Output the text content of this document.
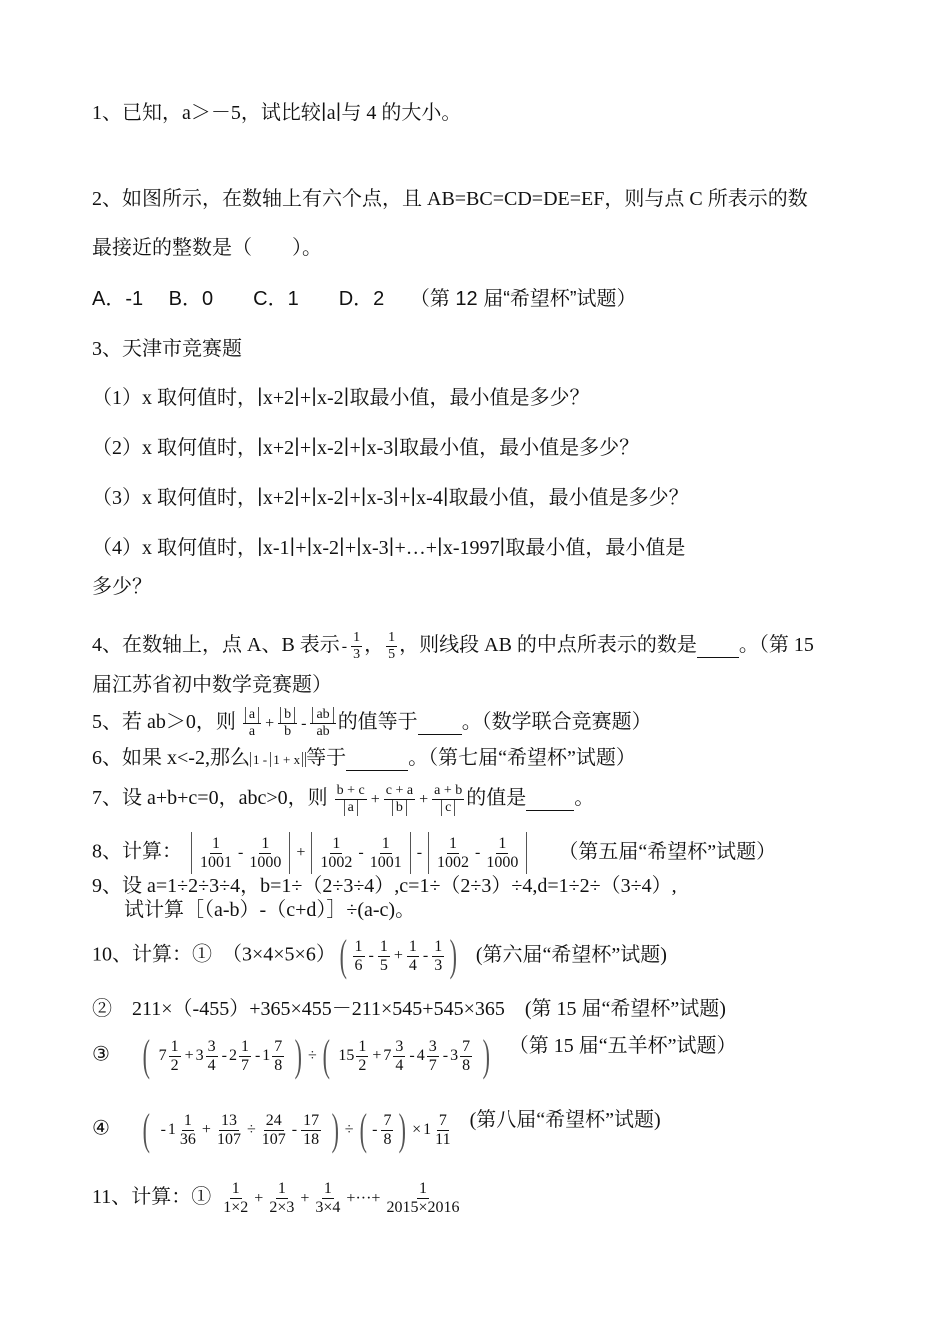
1、已知，a＞－5，试比较∣a∣与 4 的大小。
2、如图所示，在数轴上有六个点，且 AB=BC=CD=DE=EF，则与点 C 所表示的数
最接近的整数是（　　）。
A．-1　 B．0　　C．1　　D．2　 （第 12 届“希望杯”试题）
3、天津市竞赛题
（1）x 取何值时，∣x+2∣+∣x-2∣取最小值，最小值是多少？
（2）x 取何值时，∣x+2∣+∣x-2∣+∣x-3∣取最小值，最小值是多少？
（3）x 取何值时，∣x+2∣+∣x-2∣+∣x-3∣+∣x-4∣取最小值，最小值是多少？
（4）x 取何值时，∣x-1∣+∣x-2∣+∣x-3∣+…+∣x-1997∣取最小值，最小值是
多少？
4、在数轴上，点 A、B 表示 - $\frac{1}{3}$ ， $\frac{1}{5}$ ，则线段 AB 的中点所表示的数是 。（第 15
届江苏省初中数学竞赛题）
5、若 ab＞0，则 $\frac{a}{a} + \frac{b}{b} - \frac{ab}{ab}$ 的值等于 。（数学联合竞赛题）
6、如果 x<-2,那么 1 - 1 + x 等于	。（第七届“希望杯”试题）
7、设 a+b+c=0，abc>0，则 $\frac{b + c}{a} + \frac{c + a}{b} + \frac{a + b}{c}$ 的值是 。
8、计算： $\frac{1}{1001} - \frac{1}{1000} + \frac{1}{1002} - \frac{1}{1001} - \frac{1}{1002} - \frac{1}{1000}$ （第五届“希望杯”试题）
9、设 a=1÷2÷3÷4，b=1÷（2÷3÷4）,c=1÷（2÷3）÷4,d=1÷2÷（3÷4）,
试计算［（a-b）-（c+d）］÷(a-c)。
10、计算：①　$(3\times 4\times 5\times 6)( \frac{1}{6} - \frac{1}{5} + \frac{1}{4} - \frac{1}{3}$ ) (第六届“希望杯”试题)
②　211×（-455）+365×455－211×545+545×365　(第 15 届“希望杯”试题)
③ ( $7 \frac{1}{2} + 3 \frac{3}{4} - 2 \frac{1}{7} - 1 \frac{7}{8}$ ) ÷ ( $15 \frac{1}{2} + 7 \frac{3}{4} - 4 \frac{3}{7} - 3 \frac{7}{8}$ ) （第 15 届“五羊杯”试题）
④ ( - $1 \frac{1}{36} + \frac{13}{107} \div \frac{24}{107} - \frac{17}{18}$ ) ÷ ( - $\frac{7}{8}$ ) × $1 \frac{7}{11}$ (第八届“希望杯”试题)
11、计算：① $\frac{1}{1\times 2} + \frac{1}{2\times 3} + \frac{1}{3\times 4}$ +···+ $\frac{1}{2015\times 2016}$
